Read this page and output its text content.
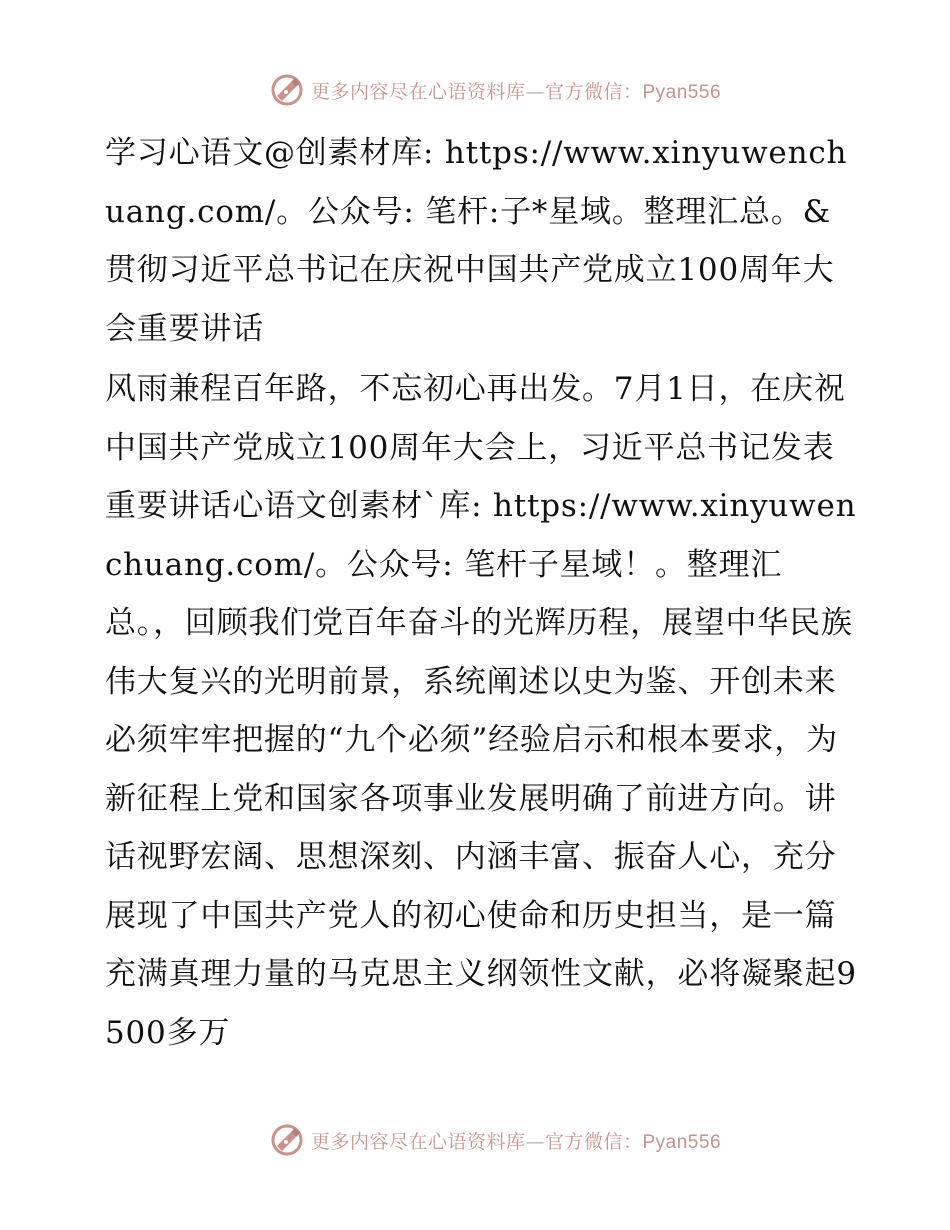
更多内容尽在心语资料库—官方微信：Pyan556

学习心语文@创素材库: https://www.xinyuwenchuang.com/。公众号: 笔杆:子*星域。整理汇总。&贯彻习近平总书记在庆祝中国共产党成立100周年大会重要讲话

风雨兼程百年路，不忘初心再出发。7月1日，在庆祝中国共产党成立100周年大会上，习近平总书记发表重要讲话心语文创素材`库: https://www.xinyuwenchuang.com/。公众号: 笔杆子星域！。整理汇总。，回顾我们党百年奋斗的光辉历程，展望中华民族伟大复兴的光明前景，系统阐述以史为鉴、开创未来必须牢牢把握的“九个必须”经验启示和根本要求，为新征程上党和国家各项事业发展明确了前进方向。讲话视野宏阔、思想深刻、内涵丰富、振奋人心，充分展现了中国共产党人的初心使命和历史担当，是一篇充满真理力量的马克思主义纲领性文献，必将凝聚起9500多万

更多内容尽在心语资料库—官方微信：Pyan556
